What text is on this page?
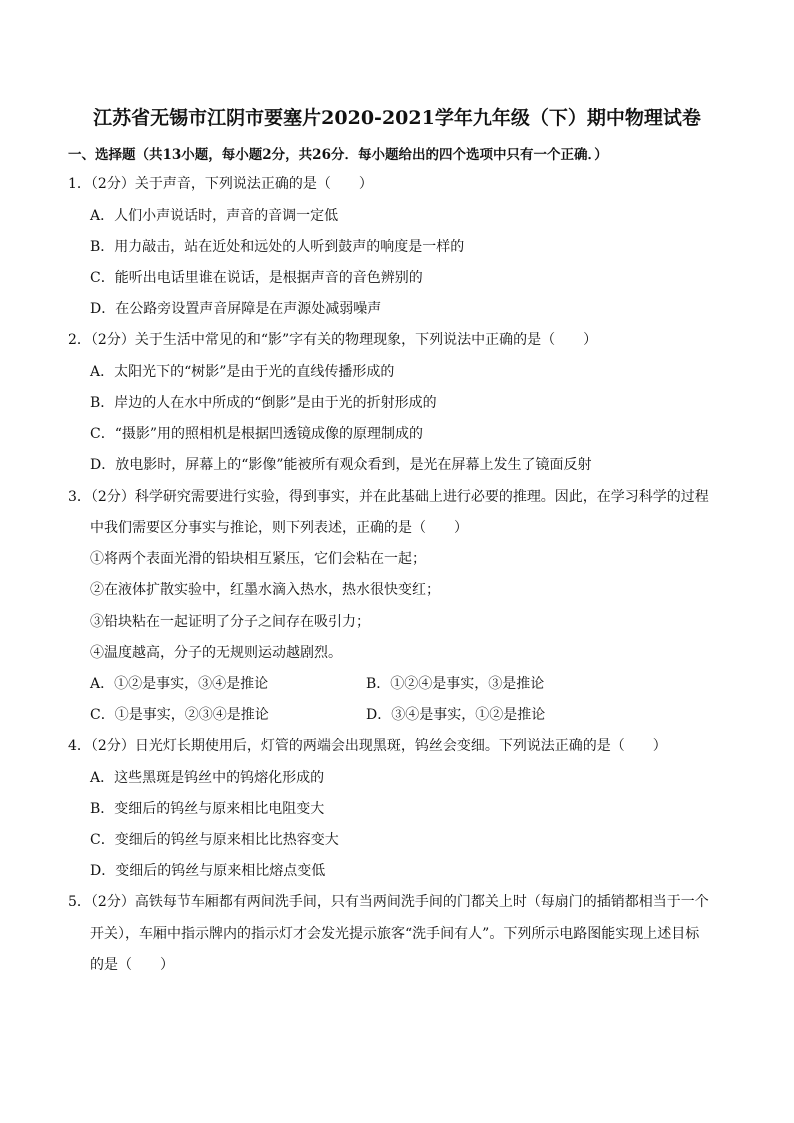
江苏省无锡市江阴市要塞片2020-2021学年九年级（下）期中物理试卷
一、选择题（共13小题，每小题2分，共26分．每小题给出的四个选项中只有一个正确．）
1．（2分）关于声音，下列说法正确的是（　　）
A．人们小声说话时，声音的音调一定低
B．用力敲击，站在近处和远处的人听到鼓声的响度是一样的
C．能听出电话里谁在说话，是根据声音的音色辨别的
D．在公路旁设置声音屏障是在声源处减弱噪声
2．（2分）关于生活中常见的和“影”字有关的物理现象，下列说法中正确的是（　　）
A．太阳光下的“树影”是由于光的直线传播形成的
B．岸边的人在水中所成的“倒影”是由于光的折射形成的
C．“摄影”用的照相机是根据凹透镜成像的原理制成的
D．放电影时，屏幕上的“影像”能被所有观众看到，是光在屏幕上发生了镜面反射
3．（2分）科学研究需要进行实验，得到事实，并在此基础上进行必要的推理。因此，在学习科学的过程
中我们需要区分事实与推论，则下列表述，正确的是（　　）
①将两个表面光滑的铅块相互紧压，它们会粘在一起；
②在液体扩散实验中，红墨水滴入热水，热水很快变红；
③铅块粘在一起证明了分子之间存在吸引力；
④温度越高，分子的无规则运动越剧烈。
A．①②是事实，③④是推论	B．①②④是事实，③是推论
C．①是事实，②③④是推论	D．③④是事实，①②是推论
4．（2分）日光灯长期使用后，灯管的两端会出现黑斑，钨丝会变细。下列说法正确的是（　　）
A．这些黑斑是钨丝中的钨熔化形成的
B．变细后的钨丝与原来相比电阻变大
C．变细后的钨丝与原来相比比热容变大
D．变细后的钨丝与原来相比熔点变低
5．（2分）高铁每节车厢都有两间洗手间，只有当两间洗手间的门都关上时（每扇门的插销都相当于一个
开关），车厢中指示牌内的指示灯才会发光提示旅客“洗手间有人”。下列所示电路图能实现上述目标
的是（　　）
